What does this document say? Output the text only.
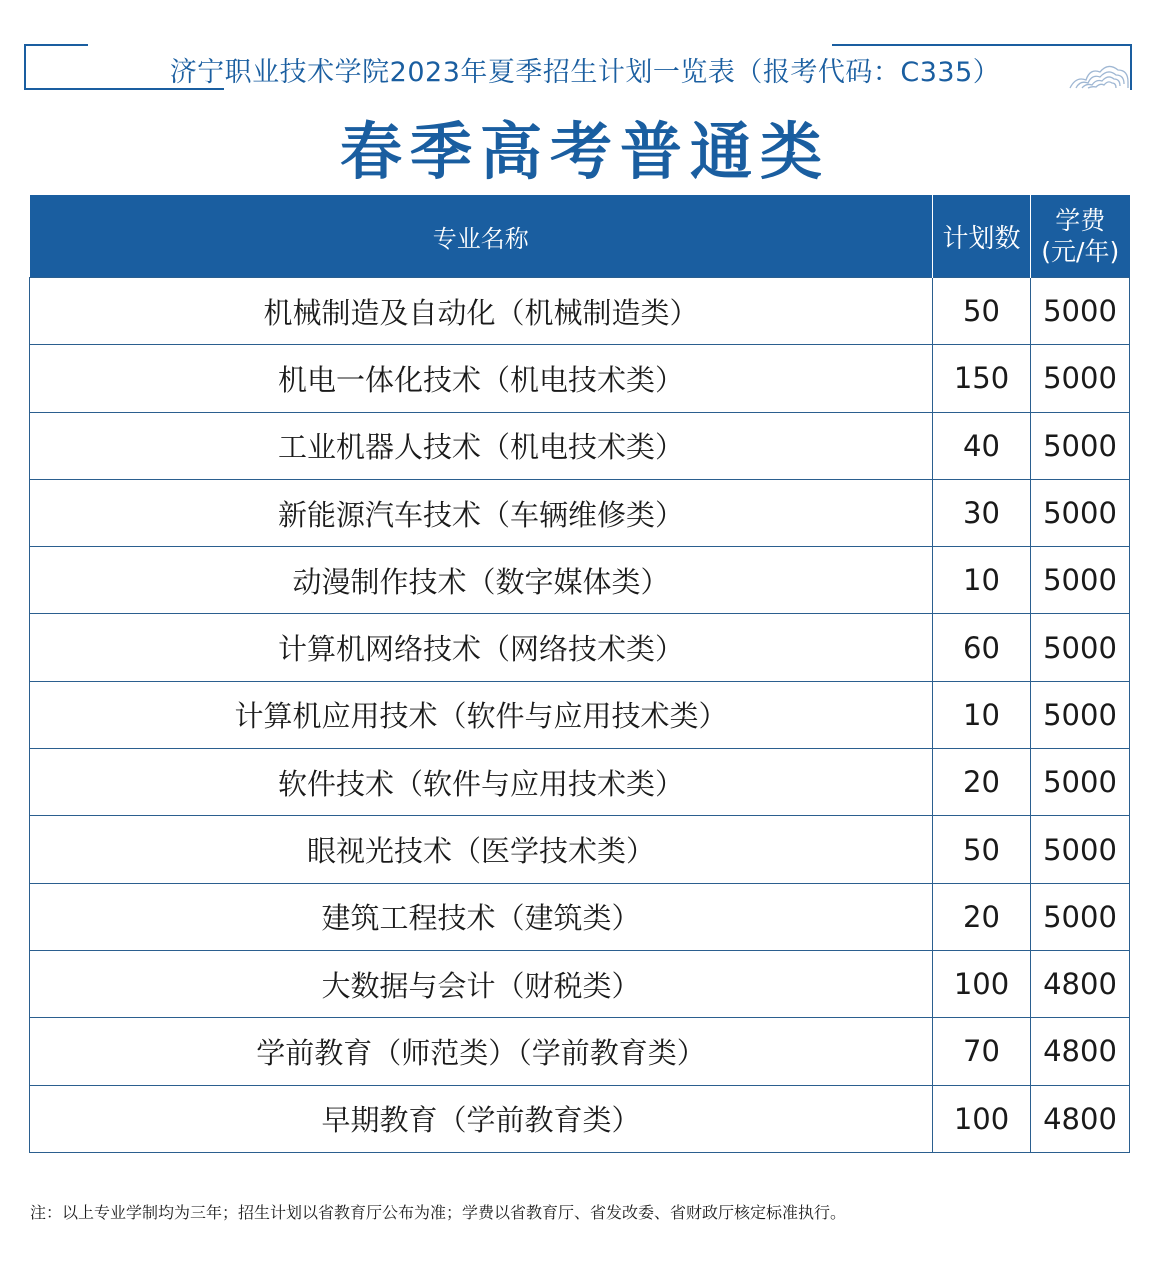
济宁职业技术学院2023年夏季招生计划一览表（报考代码：C335）
春季高考普通类
专业名称	计划数	学费
(元/年)

机械制造及自动化（机械制造类）	50	5000
机电一体化技术（机电技术类）	150	5000
工业机器人技术（机电技术类）	40	5000
新能源汽车技术（车辆维修类）	30	5000
动漫制作技术（数字媒体类）	10	5000
计算机网络技术（网络技术类）	60	5000
计算机应用技术（软件与应用技术类）	10	5000
软件技术（软件与应用技术类）	20	5000
眼视光技术（医学技术类）	50	5000
建筑工程技术（建筑类）	20	5000
大数据与会计（财税类）	100	4800
学前教育（师范类）（学前教育类）	70	4800
早期教育（学前教育类）	100	4800
注：以上专业学制均为三年；招生计划以省教育厅公布为准；学费以省教育厅、省发改委、省财政厅核定标准执行。
